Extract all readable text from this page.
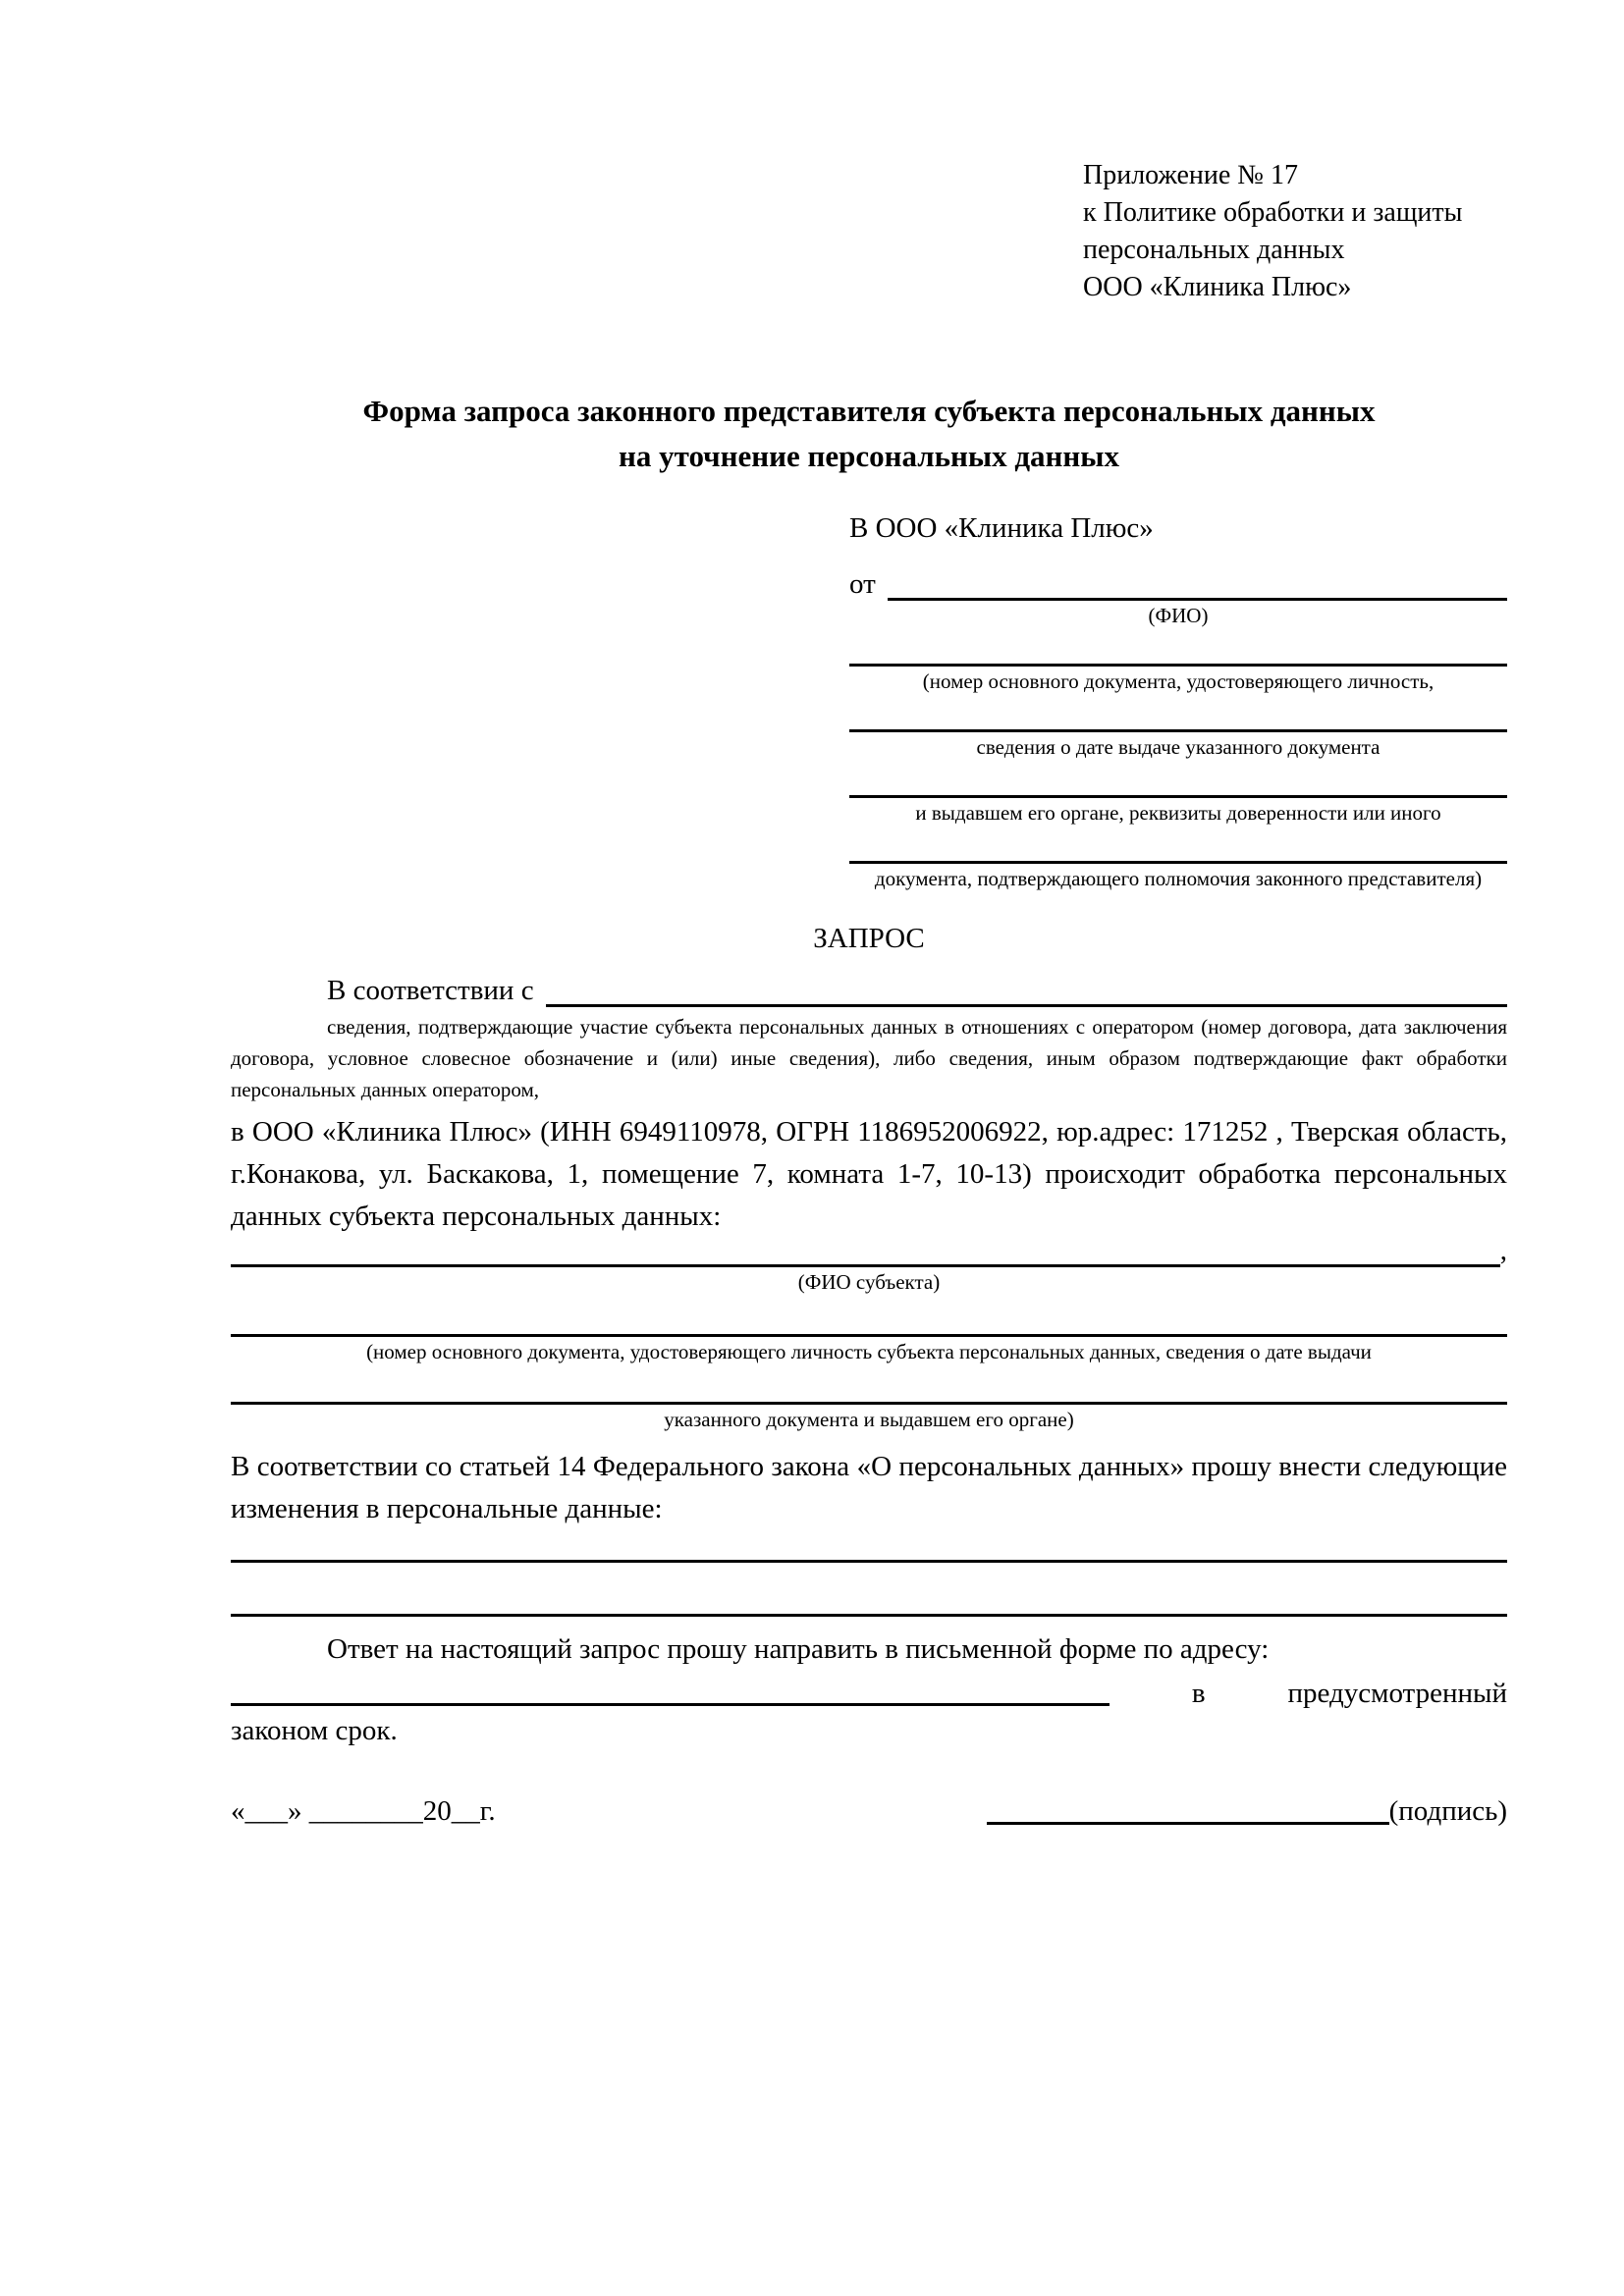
Приложение № 17
к Политике обработки и защиты
персональных данных
ООО «Клиника Плюс»
Форма запроса законного представителя субъекта персональных данных
на уточнение персональных данных
В ООО «Клиника Плюс»
от
(ФИО)
(номер основного документа, удостоверяющего личность,
сведения о дате выдаче указанного документа
и выдавшем его органе, реквизиты доверенности или иного
документа, подтверждающего полномочия законного представителя)
ЗАПРОС
В соответствии с
сведения, подтверждающие участие субъекта персональных данных в отношениях с оператором (номер договора, дата заключения договора, условное словесное обозначение и (или) иные сведения), либо сведения, иным образом подтверждающие факт обработки персональных данных оператором,
в ООО «Клиника Плюс» (ИНН 6949110978, ОГРН 1186952006922, юр.адрес: 171252 , Тверская область, г.Конакова, ул. Баскакова, 1, помещение 7, комната 1-7, 10-13) происходит обработка персональных данных субъекта персональных данных:
,
(ФИО субъекта)
(номер основного документа, удостоверяющего личность субъекта персональных данных, сведения о дате выдачи
указанного документа и выдавшем его органе)
В соответствии со статьей 14 Федерального закона «О персональных данных» прошу внести следующие изменения в персональные данные:
Ответ на настоящий запрос прошу направить в письменной форме по адресу:
в	предусмотренный
законом срок.
«___» ________20__г.	(подпись)
